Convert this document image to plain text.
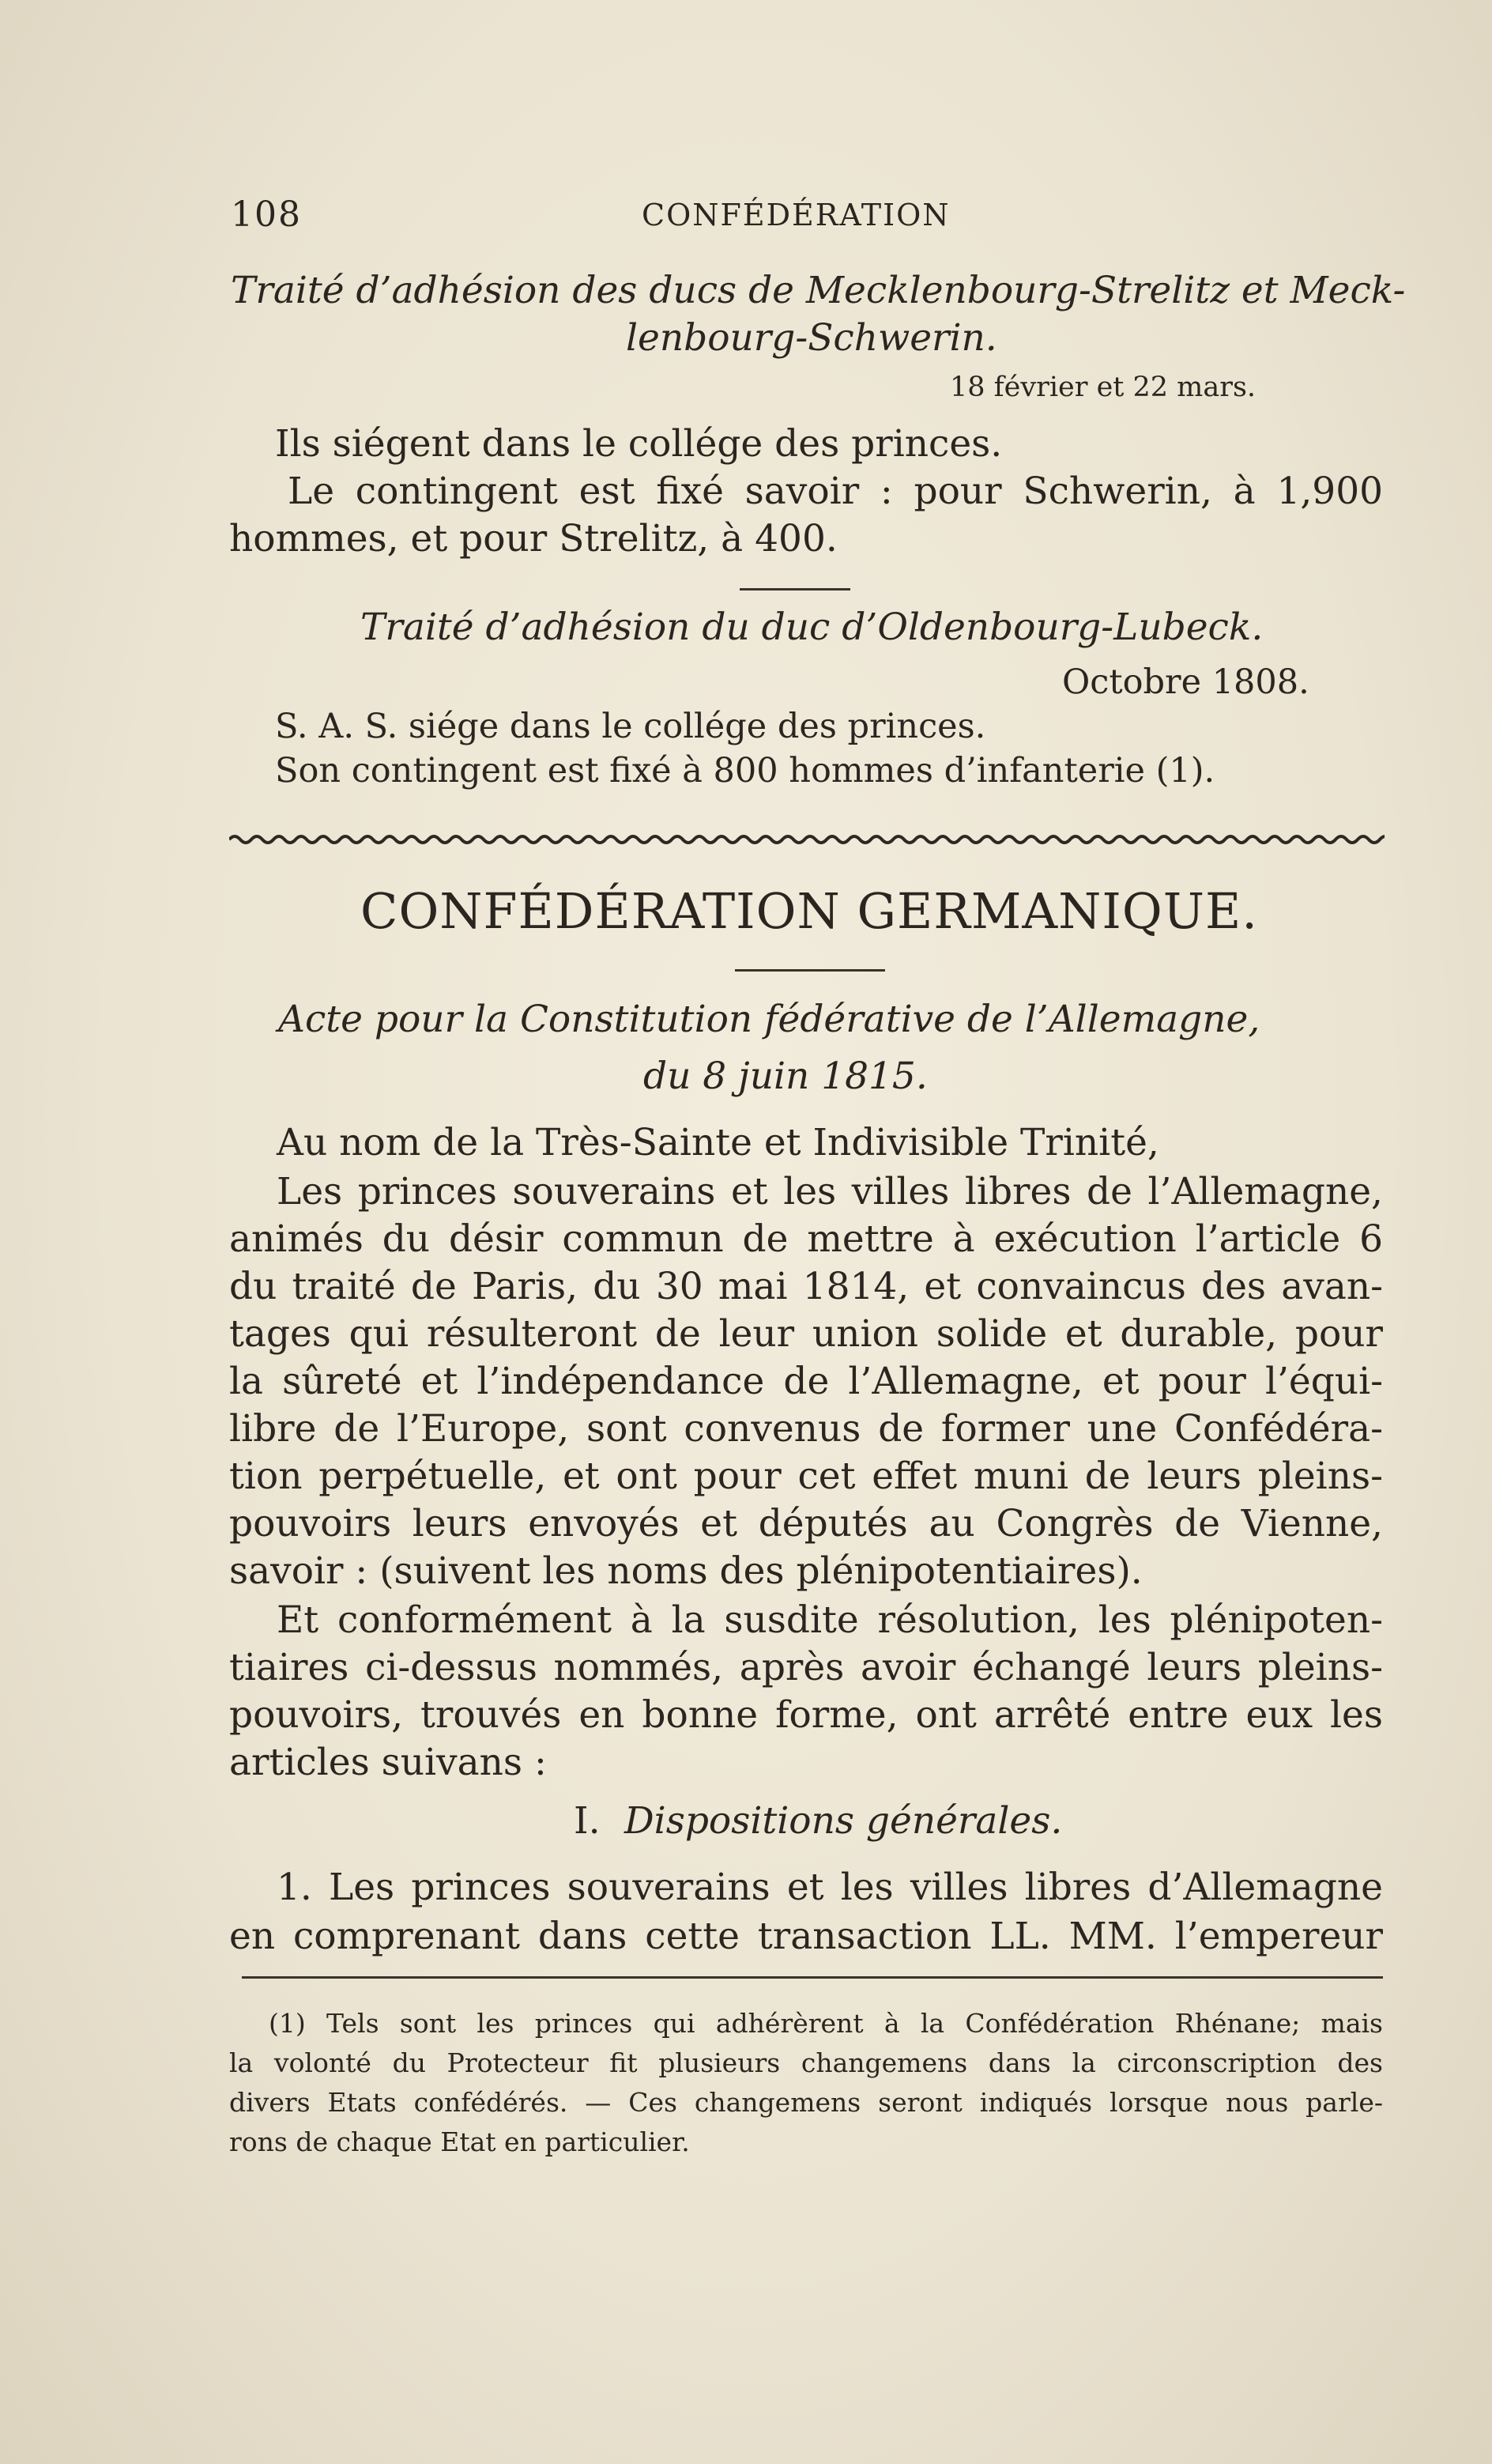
108	CONFÉDÉRATION
Traité d’adhésion des ducs de Mecklenbourg-Strelitz et Meck-
lenbourg-Schwerin.
18 février et 22 mars.
Ils siégent dans le collége des princes.
Le contingent est fixé savoir : pour Schwerin, à 1,900
hommes, et pour Strelitz, à 400.
Traité d’adhésion du duc d’Oldenbourg-Lubeck.
Octobre 1808.
S. A. S. siége dans le collége des princes.
Son contingent est fixé à 800 hommes d’infanterie (1).
CONFÉDÉRATION GERMANIQUE.
Acte pour la Constitution fédérative de l’Allemagne,
du 8 juin 1815.
Au nom de la Très-Sainte et Indivisible Trinité,
Les princes souverains et les villes libres de l’Allemagne,
animés du désir commun de mettre à exécution l’article 6
du traité de Paris, du 30 mai 1814, et convaincus des avan-
tages qui résulteront de leur union solide et durable, pour
la sûreté et l’indépendance de l’Allemagne, et pour l’équi-
libre de l’Europe, sont convenus de former une Confédéra-
tion perpétuelle, et ont pour cet effet muni de leurs pleins-
pouvoirs leurs envoyés et députés au Congrès de Vienne,
savoir : (suivent les noms des plénipotentiaires).
Et conformément à la susdite résolution, les plénipoten-
tiaires ci-dessus nommés, après avoir échangé leurs pleins-
pouvoirs, trouvés en bonne forme, ont arrêté entre eux les
articles suivans :
I. Dispositions générales.
1. Les princes souverains et les villes libres d’Allemagne
en comprenant dans cette transaction LL. MM. l’empereur
(1) Tels sont les princes qui adhérèrent à la Confédération Rhénane; mais
la volonté du Protecteur fit plusieurs changemens dans la circonscription des
divers Etats confédérés. — Ces changemens seront indiqués lorsque nous parle-
rons de chaque Etat en particulier.
